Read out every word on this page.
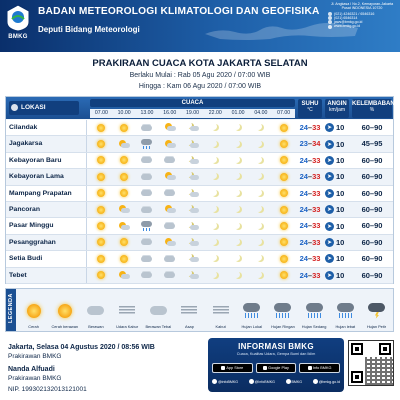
BMKG
BADAN METEOROLOGI KLIMATOLOGI DAN GEOFISIKA
Deputi Bidang Meteorologi
Jl. Angkasa I No.2, Kemayoran-Jakarta Pusat INDONESIA 10720
(021) 4246321 / 6546316
(021) 6546314
jaws@bmkg.go.id
www.bmkg.go.id
PRAKIRAAN CUACA KOTA JAKARTA SELATAN
Berlaku Mulai : Rab 05 Agu 2020 / 07:00 WIB
Hingga : Kam 06 Agu 2020 / 07:00 WIB
LOKASI
CUACA
07.00	10.00	13.00	16.00	19.00	22.00	01.00	04.00	07.00
SUHU
°C
ANGIN
km/jam
KELEMBABAN
%
Cilandak	24–33	➤ 10	60–90
Jagakarsa	23–34	➤ 10	45–95
Kebayoran Baru	24–33	➤ 10	60–90
Kebayoran Lama	24–33	➤ 10	60–90
Mampang Prapatan	24–33	➤ 10	60–90
Pancoran	24–33	➤ 10	60–90
Pasar Minggu	24–33	➤ 10	60–90
Pesanggrahan	24–33	➤ 10	60–90
Setia Budi	24–33	➤ 10	60–90
Tebet	24–33	➤ 10	60–90
LEGENDA
Cerah	Cerah berawan	Berawan	Udara Kabur Berawan Tebal	Asap	Kabut	Hujan Lokal Hujan Ringan Hujan Sedang Hujan lebat	Hujan Petir
Jakarta, Selasa 04 Agustus 2020 / 08:56 WIB
Prakirawan BMKG
Nanda Alfuadi
Prakirawan BMKG
NIP. 199302132013121001
INFORMASI BMKG
Cuaca, Kualitas Udara, Gempa Bumi dan Iklim
App Store	Google Play	Info BMKG
@infoBMKG	@InfoBMKG	BMKG	@bmkg.go.id
